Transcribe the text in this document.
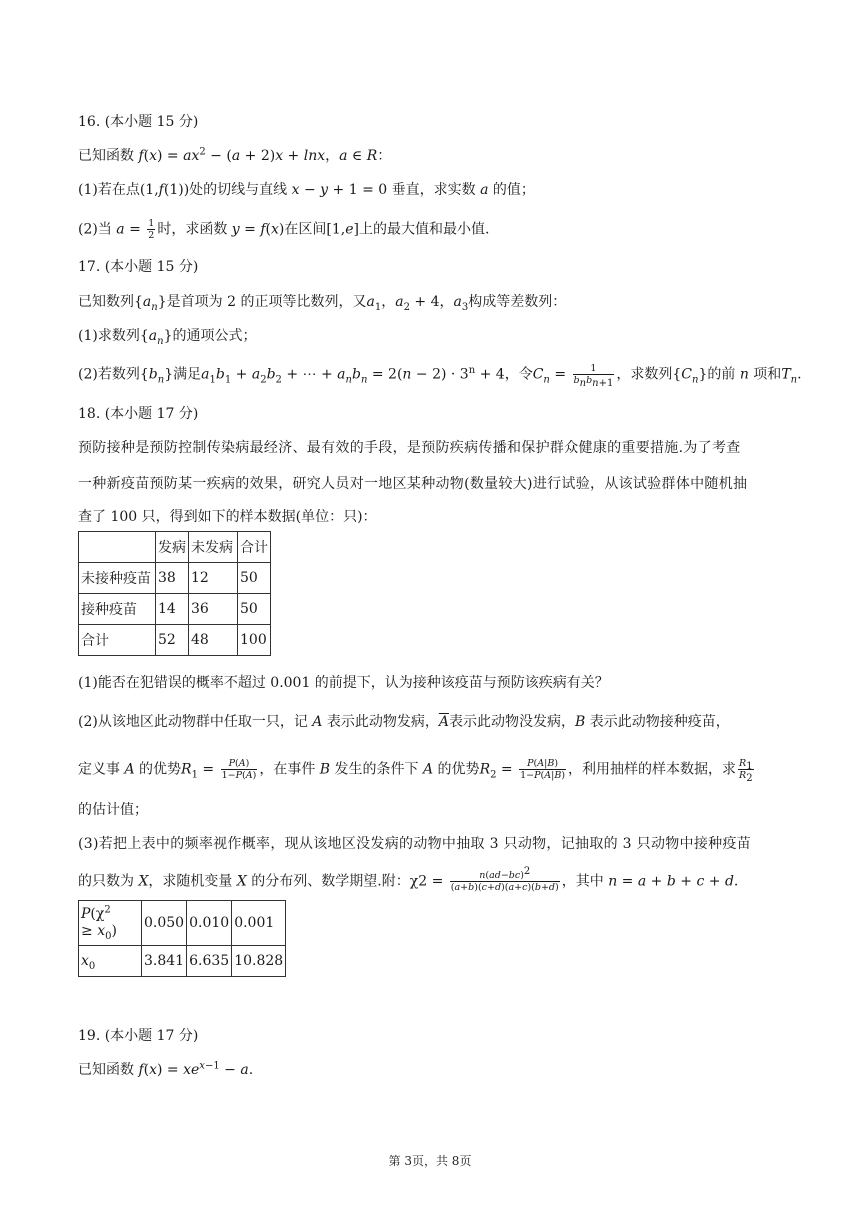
16. (本小题 15 分)
已知函数 $f(x) = ax^2 - (a + 2)x + \ln x$，a ∈ R：
(1)若在点(1,f(1))处的切线与直线 x − y + 1 = 0 垂直，求实数 a 的值；
(2)当 $a = \frac{1}{2}$ 时，求函数 y = f(x)在区间[1,e]上的最大值和最小值.
17. (本小题 15 分)
已知数列$\{a_n\}$是首项为 2 的正项等比数列，又$a_1$，$a_2 + 4$，$a_3$构成等差数列：
(1)求数列$\{a_n\}$的通项公式；
(2)若数列$\{b_n\}$满足$a_1b_1 + a_2b_2$ + ⋯ + $a_nb_n = 2(n - 2) \cdot 3^n + 4$，令$C_n = \frac{1}{b_nb_{n+1}}$ ，求数列$\{C_n\}$的前 n 项和$T_n$.
18. (本小题 17 分)
预防接种是预防控制传染病最经济、最有效的手段，是预防疾病传播和保护群众健康的重要措施.为了考查
一种新疫苗预防某一疾病的效果，研究人员对一地区某种动物(数量较大)进行试验，从该试验群体中随机抽
查了 100 只，得到如下的样本数据(单位：只)：
	发病	未发病	合计
未接种疫苗	38	12	50
接种疫苗	14	36	50
合计	52	48	100
(1)能否在犯错误的概率不超过 0.001 的前提下，认为接种该疫苗与预防该疾病有关？
(2)从该地区此动物群中任取一只，记 A 表示此动物发病，$\overline{A}$表示此动物没发病，B 表示此动物接种疫苗，
定义事 A 的优势$R_1 = \frac{P(A)}{1-P(A)}$ ，在事件 B 发生的条件下 A 的优势$R_2 = \frac{P(A|B)}{1-P(A|B)}$ ，利用抽样的样本数据，求 $\frac{R_1}{R_2}$
的估计值；
(3)若把上表中的频率视作概率，现从该地区没发病的动物中抽取 3 只动物，记抽取的 3 只动物中接种疫苗
的只数为 X，求随机变量 X 的分布列、数学期望.附：$\chi 2 = \frac{n(ad-bc)^2}{(a+b)(c+d)(a+c)(b+d)}$ ，其中 n = a + b + c + d.
$P(\chi^2$
≥ $x_0$)	0.050	0.010	0.001
$x_0$	3.841	6.635	10.828
19. (本小题 17 分)
已知函数 $f(x) = xe^{x-1} - a$.
第 3页，共 8页
